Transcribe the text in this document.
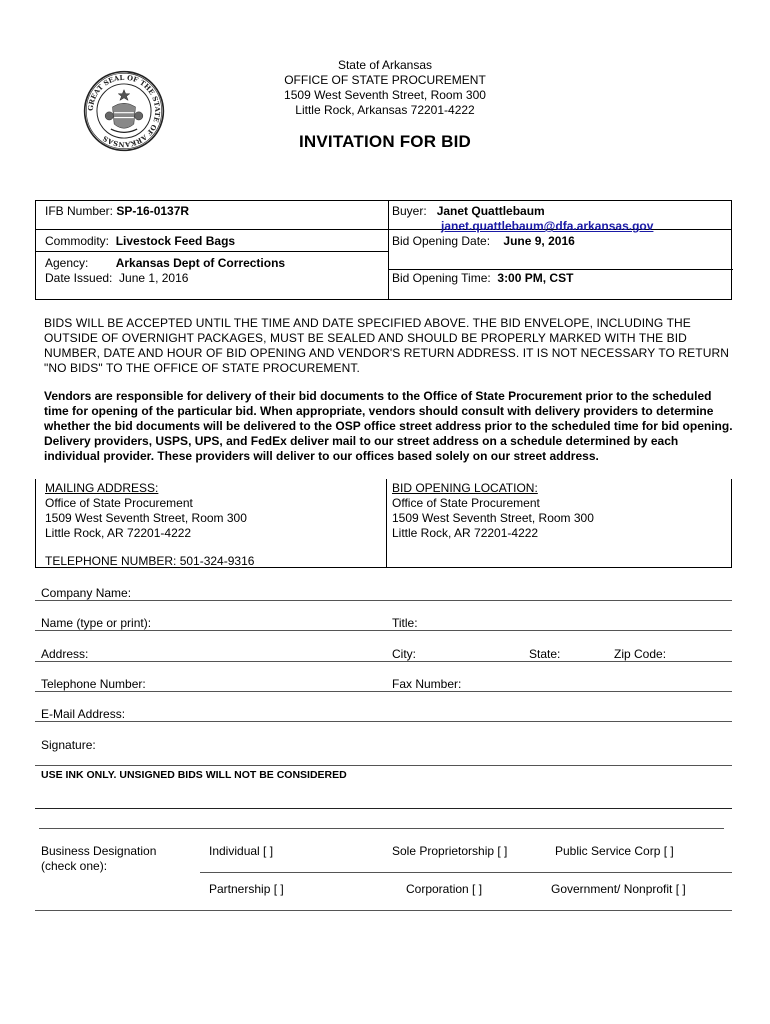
GREAT SEAL OF THE STATE OF ARKANSAS
State of Arkansas
OFFICE OF STATE PROCUREMENT
1509 West Seventh Street, Room 300
Little Rock, Arkansas 72201-4222
INVITATION FOR BID
IFB Number: SP-16-0137R
Commodity: Livestock Feed Bags
Agency: Arkansas Dept of Corrections
Date Issued: June 1, 2016
Buyer: Janet Quattlebaum
janet.quattlebaum@dfa.arkansas.gov
Bid Opening Date: June 9, 2016
Bid Opening Time: 3:00 PM, CST
BIDS WILL BE ACCEPTED UNTIL THE TIME AND DATE SPECIFIED ABOVE. THE BID ENVELOPE, INCLUDING THE OUTSIDE OF OVERNIGHT PACKAGES, MUST BE SEALED AND SHOULD BE PROPERLY MARKED WITH THE BID NUMBER, DATE AND HOUR OF BID OPENING AND VENDOR'S RETURN ADDRESS. IT IS NOT NECESSARY TO RETURN "NO BIDS" TO THE OFFICE OF STATE PROCUREMENT.
Vendors are responsible for delivery of their bid documents to the Office of State Procurement prior to the scheduled time for opening of the particular bid. When appropriate, vendors should consult with delivery providers to determine whether the bid documents will be delivered to the OSP office street address prior to the scheduled time for bid opening. Delivery providers, USPS, UPS, and FedEx deliver mail to our street address on a schedule determined by each individual provider. These providers will deliver to our offices based solely on our street address.
MAILING ADDRESS:
Office of State Procurement
1509 West Seventh Street, Room 300
Little Rock, AR 72201-4222
TELEPHONE NUMBER: 501-324-9316
BID OPENING LOCATION:
Office of State Procurement
1509 West Seventh Street, Room 300
Little Rock, AR 72201-4222
Company Name:
Name (type or print):	Title:
Address:	City:	State:	Zip Code:
Telephone Number:	Fax Number:
E-Mail Address:
Signature:
USE INK ONLY. UNSIGNED BIDS WILL NOT BE CONSIDERED
Business Designation
(check one):
Individual [ ]	Sole Proprietorship [ ]	Public Service Corp [ ]
Partnership [ ]	Corporation [ ]	Government/ Nonprofit [ ]
